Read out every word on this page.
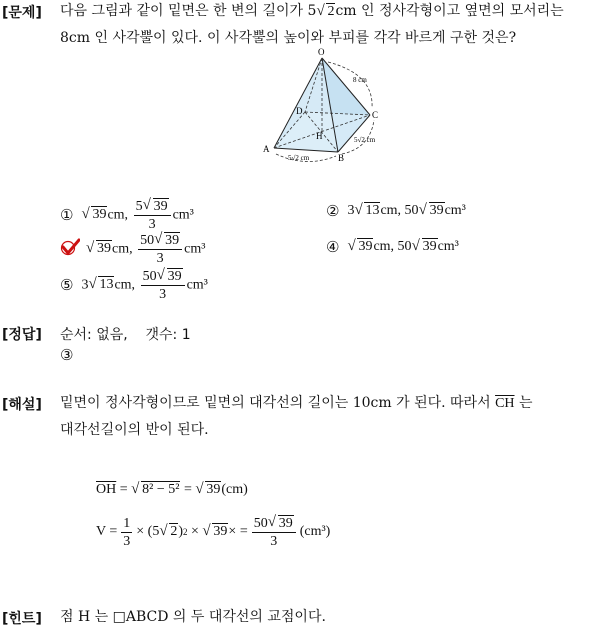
[문제] 다음 그림과 같이 밑면은 한 변의 길이가 5 √ 2cm 인 정사각형이고 옆면의 모서리는
8cm 인 사각뿔이 있다. 이 사각뿔의 높이와 부피를 각각 바르게 구한 것은?
O
A
B
C
D
H
8 cm
5√2 cm
5√2 cm
①	√ 39cm, $\frac{5 √ 39}{3} cm^3$	② 3 √ 13cm, 50 √ 39cm³
√ 39cm, $\frac{50 √ 39}{3} cm^3$	④	√ 39cm, 50 √ 39cm³
⑤ 3 √ 13cm, $\frac{50 √ 39}{3} cm^3$
[정답] 순서: 없음,    갯수: 1
③
[해설] 밑면이 정사각형이므로 밑면의 대각선의 길이는 10cm 가 된다. 따라서 $\overline{CH}$ 는
대각선길이의 반이 된다.
$\overline{OH}$ = √ 8² − 5² = √ 39(cm)
$V = \frac{1}{3}$ ×
(5 √ 2 ) 2
×
	√ 39 × = $\frac{50 √ 39}{3} (cm^3)$
[힌트] 점 H 는 □ABCD 의 두 대각선의 교점이다.
